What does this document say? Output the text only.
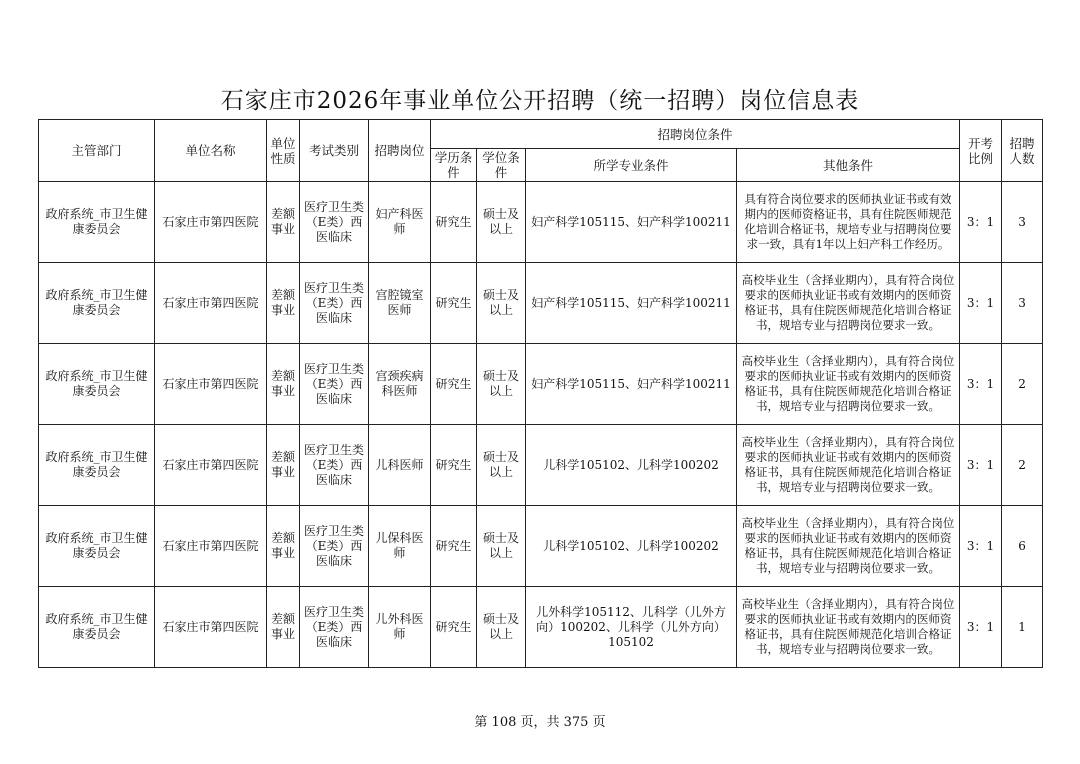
石家庄市2026年事业单位公开招聘（统一招聘）岗位信息表
主管部门	单位名称	单位性质	考试类别	招聘岗位	招聘岗位条件				开考比例	招聘人数
					学历条件	学位条件	所学专业条件	其他条件		
政府系统_市卫生健康委员会	石家庄市第四医院	差额事业	医疗卫生类（E类）西医临床	妇产科医师	研究生	硕士及以上	妇产科学105115、妇产科学100211	具有符合岗位要求的医师执业证书或有效期内的医师资格证书，具有住院医师规范化培训合格证书，规培专业与招聘岗位要求一致，具有1年以上妇产科工作经历。	3：1	3
政府系统_市卫生健康委员会	石家庄市第四医院	差额事业	医疗卫生类（E类）西医临床	宫腔镜室医师	研究生	硕士及以上	妇产科学105115、妇产科学100211	高校毕业生（含择业期内），具有符合岗位要求的医师执业证书或有效期内的医师资格证书，具有住院医师规范化培训合格证书，规培专业与招聘岗位要求一致。	3：1	3
政府系统_市卫生健康委员会	石家庄市第四医院	差额事业	医疗卫生类（E类）西医临床	宫颈疾病科医师	研究生	硕士及以上	妇产科学105115、妇产科学100211	高校毕业生（含择业期内），具有符合岗位要求的医师执业证书或有效期内的医师资格证书，具有住院医师规范化培训合格证书，规培专业与招聘岗位要求一致。	3：1	2
政府系统_市卫生健康委员会	石家庄市第四医院	差额事业	医疗卫生类（E类）西医临床	儿科医师	研究生	硕士及以上	儿科学105102、儿科学100202	高校毕业生（含择业期内），具有符合岗位要求的医师执业证书或有效期内的医师资格证书，具有住院医师规范化培训合格证书，规培专业与招聘岗位要求一致。	3：1	2
政府系统_市卫生健康委员会	石家庄市第四医院	差额事业	医疗卫生类（E类）西医临床	儿保科医师	研究生	硕士及以上	儿科学105102、儿科学100202	高校毕业生（含择业期内），具有符合岗位要求的医师执业证书或有效期内的医师资格证书，具有住院医师规范化培训合格证书，规培专业与招聘岗位要求一致。	3：1	6
政府系统_市卫生健康委员会	石家庄市第四医院	差额事业	医疗卫生类（E类）西医临床	儿外科医师	研究生	硕士及以上	儿外科学105112、儿科学（儿外方向）100202、儿科学（儿外方向）105102	高校毕业生（含择业期内），具有符合岗位要求的医师执业证书或有效期内的医师资格证书，具有住院医师规范化培训合格证书，规培专业与招聘岗位要求一致。	3：1	1
第 108 页，共 375 页
